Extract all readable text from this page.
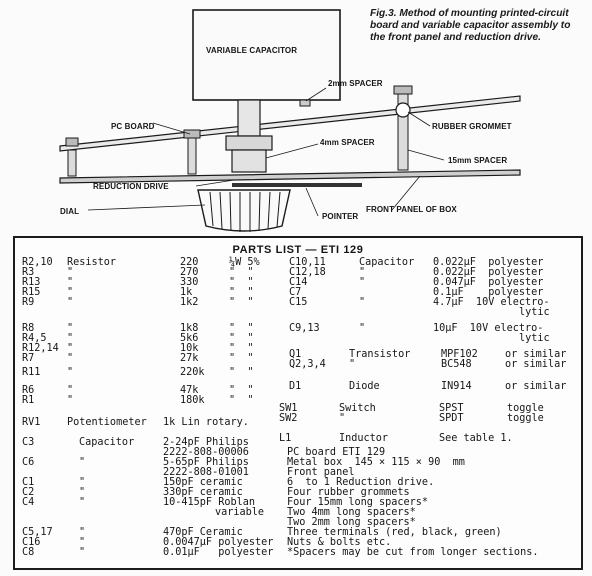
VARIABLE CAPACITOR
2mm SPACER
PC BOARD	RUBBER GROMMET
4mm SPACER
15mm SPACER
REDUCTION DRIVE
DIAL
POINTER
FRONT PANEL OF BOX
Fig.3. Method of mounting printed-circuit board and variable capacitor assembly to the front panel and reduction drive.
PARTS LIST — ETI 129
RV1	Potentiometer 1k Lin rotary.
L1	Inductor	See table 1.
R2,10 Resistor	220	¼W 5%
R3	"	270	"  "
R13	"	330	"  "
R15	"	1k	"  "
R9	"	1k2	"  "
R8	"	1k8	"  "
R4,5 "	5k6	"  "
R12,14 "	10k	"  "
R7	"	27k	"  "
R6	"	47k	"  "
R1	"	180k "  "
R11	"	220k "  "
C3	Capacitor	2-24pF Philips
2222-808-00006
C6	"	5-65pF Philips
2222-808-01001
C1	"	150pF ceramic
C2	"	330pF ceramic
C4	"	10-415pF Roblan
variable
C5,17	"	470pF Ceramic
C16	"	0.0047µF polyester
C8	"	0.01µF   polyester
C10,11	Capacitor 0.022µF  polyester
C12,18	"	0.022µF  polyester
C14	"	0.047µF  polyester
C7	0.1µF    polyester
C15	"	4.7µF  10V electro-
lytic
C9,13	"	10µF  10V electro-
lytic
Q1	Transistor	MPF102	or similar
Q2,3,4 "	BC548	or similar
D1	Diode	IN914	or similar
SW1	Switch	SPST	toggle
SW2	"	SPDT	toggle
PC board ETI 129
Metal box  145 × 115 × 90  mm
Front panel
6  to 1 Reduction drive.
Four rubber grommets
Four 15mm long spacers*
Two 4mm long spacers*
Two 2mm long spacers*
Three terminals (red, black, green)
Nuts & bolts etc.
*Spacers may be cut from longer sections.
